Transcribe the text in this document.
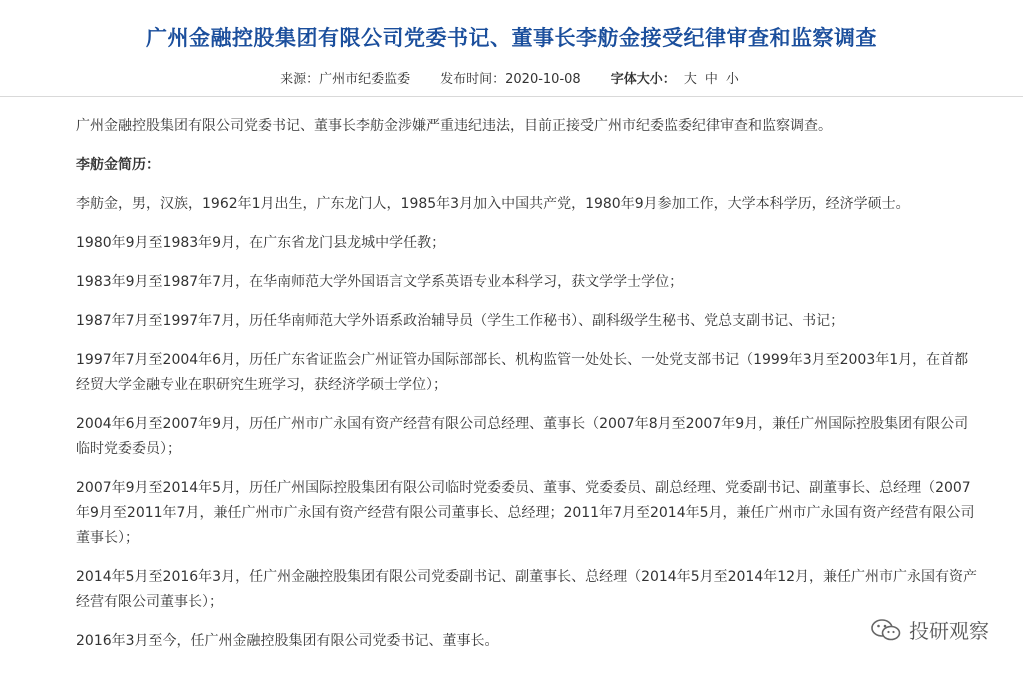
广州金融控股集团有限公司党委书记、董事长李舫金接受纪律审查和监察调查
来源：广州市纪委监委 发布时间：2020-10-08 字体大小： 大 中 小

广州金融控股集团有限公司党委书记、董事长李舫金涉嫌严重违纪违法，目前正接受广州市纪委监委纪律审查和监察调查。

李舫金简历：

李舫金，男，汉族，1962年1月出生，广东龙门人，1985年3月加入中国共产党，1980年9月参加工作，大学本科学历，经济学硕士。

1980年9月至1983年9月，在广东省龙门县龙城中学任教；

1983年9月至1987年7月，在华南师范大学外国语言文学系英语专业本科学习，获文学学士学位；

1987年7月至1997年7月，历任华南师范大学外语系政治辅导员（学生工作秘书）、副科级学生秘书、党总支副书记、书记；

1997年7月至2004年6月，历任广东省证监会广州证管办国际部部长、机构监管一处处长、一处党支部书记（1999年3月至2003年1月，在首都经贸大学金融专业在职研究生班学习，获经济学硕士学位）；

2004年6月至2007年9月，历任广州市广永国有资产经营有限公司总经理、董事长（2007年8月至2007年9月，兼任广州国际控股集团有限公司临时党委委员）；

2007年9月至2014年5月，历任广州国际控股集团有限公司临时党委委员、董事、党委委员、副总经理、党委副书记、副董事长、总经理（2007年9月至2011年7月，兼任广州市广永国有资产经营有限公司董事长、总经理；2011年7月至2014年5月，兼任广州市广永国有资产经营有限公司董事长）；

2014年5月至2016年3月，任广州金融控股集团有限公司党委副书记、副董事长、总经理（2014年5月至2014年12月，兼任广州市广永国有资产经营有限公司董事长）；

2016年3月至今，任广州金融控股集团有限公司党委书记、董事长。	投研观察
